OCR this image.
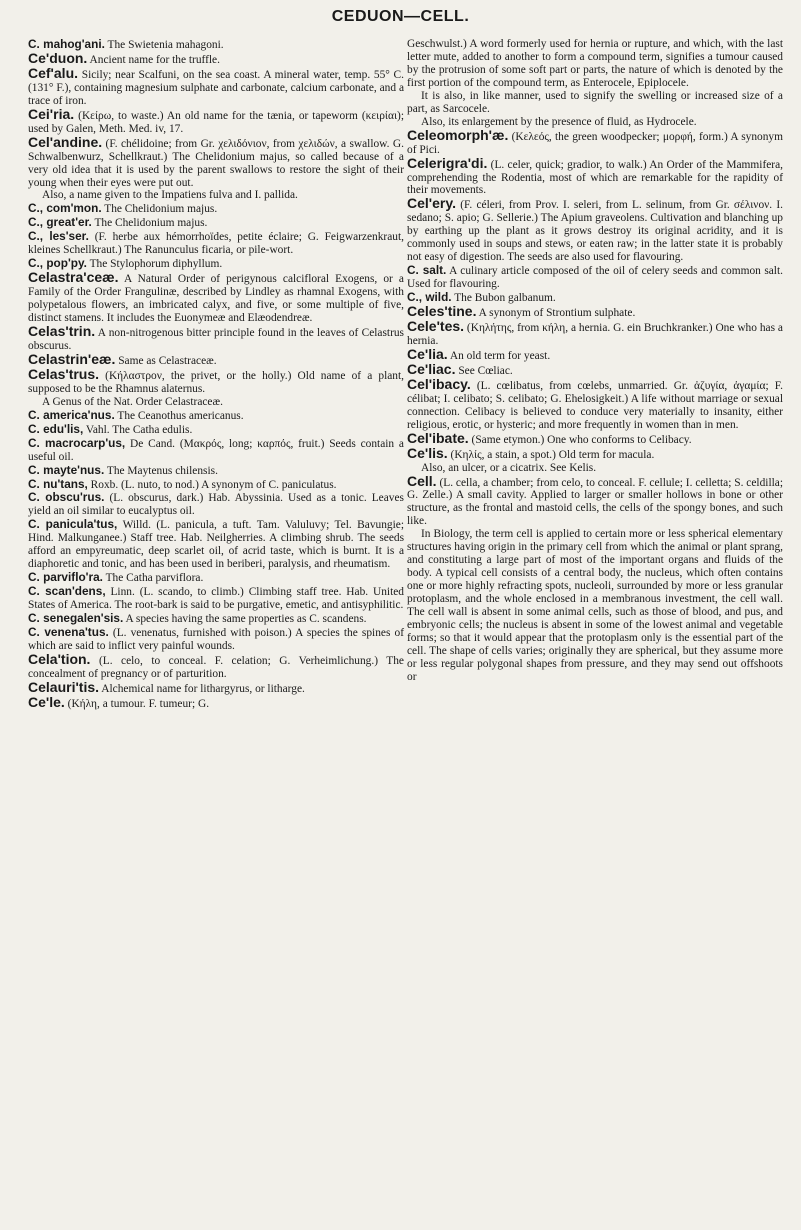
CEDUON—CELL.

C. mahog'ani. The Swietenia mahagoni.

Ce'duon. Ancient name for the truffle.

Cef'alu. Sicily; near Scalfuni, on the sea coast. A mineral water, temp. 55° C. (131° F.), containing magnesium sulphate and carbonate, calcium carbonate, and a trace of iron.

Cei'ria. (Κείρω, to waste.) An old name for the tænia, or tapeworm (κειρίαι); used by Galen, Meth. Med. iv, 17.

Cel'andine. (F. chélidoine; from Gr. χελιδόνιον, from χελιδών, a swallow. G. Schwalbenwurz, Schellkraut.) The Chelidonium majus, so called because of a very old idea that it is used by the parent swallows to restore the sight of their young when their eyes were put out.

Also, a name given to the Impatiens fulva and I. pallida.

C., com'mon. The Chelidonium majus.

C., great'er. The Chelidonium majus.

C., les'ser. (F. herbe aux hémorrhoïdes, petite éclaire; G. Feigwarzenkraut, kleines Schellkraut.) The Ranunculus ficaria, or pile-wort.

C., pop'py. The Stylophorum diphyllum.

Celastra'ceæ. A Natural Order of perigynous calcifloral Exogens, or a Family of the Order Frangulinæ, described by Lindley as rhamnal Exogens, with polypetalous flowers, an imbricated calyx, and five, or some multiple of five, distinct stamens. It includes the Euonymeæ and Elæodendreæ.

Celas'trin. A non-nitrogenous bitter principle found in the leaves of Celastrus obscurus.

Celastrin'eæ. Same as Celastraceæ.

Celas'trus. (Κήλαστρον, the privet, or the holly.) Old name of a plant, supposed to be the Rhamnus alaternus.

A Genus of the Nat. Order Celastraceæ.

C. america'nus. The Ceanothus americanus.

C. edu'lis, Vahl. The Catha edulis.

C. macrocarp'us, De Cand. (Μακρός, long; καρπός, fruit.) Seeds contain a useful oil.

C. mayte'nus. The Maytenus chilensis.

C. nu'tans, Roxb. (L. nuto, to nod.) A synonym of C. paniculatus.

C. obscu'rus. (L. obscurus, dark.) Hab. Abyssinia. Used as a tonic. Leaves yield an oil similar to eucalyptus oil.

C. panicula'tus, Willd. (L. panicula, a tuft. Tam. Valuluvy; Tel. Bavungie; Hind. Malkunganee.) Staff tree. Hab. Neilgherries. A climbing shrub. The seeds afford an empyreumatic, deep scarlet oil, of acrid taste, which is burnt. It is a diaphoretic and tonic, and has been used in beriberi, paralysis, and rheumatism.

C. parviflo'ra. The Catha parviflora.

C. scan'dens, Linn. (L. scando, to climb.) Climbing staff tree. Hab. United States of America. The root-bark is said to be purgative, emetic, and antisyphilitic.

C. senegalen'sis. A species having the same properties as C. scandens.

C. venena'tus. (L. venenatus, furnished with poison.) A species the spines of which are said to inflict very painful wounds.

Cela'tion. (L. celo, to conceal. F. celation; G. Verheimlichung.) The concealment of pregnancy or of parturition.

Celauri'tis. Alchemical name for lithargyrus, or litharge.

Ce'le. (Κήλη, a tumour. F. tumeur; G.

Geschwulst.) A word formerly used for hernia or rupture, and which, with the last letter mute, added to another to form a compound term, signifies a tumour caused by the protrusion of some soft part or parts, the nature of which is denoted by the first portion of the compound term, as Enterocele, Epiplocele.

It is also, in like manner, used to signify the swelling or increased size of a part, as Sarcocele.

Also, its enlargement by the presence of fluid, as Hydrocele.

Celeomorph'æ. (Κελεός, the green woodpecker; μορφή, form.) A synonym of Pici.

Celerigra'di. (L. celer, quick; gradior, to walk.) An Order of the Mammifera, comprehending the Rodentia, most of which are remarkable for the rapidity of their movements.

Cel'ery. (F. céleri, from Prov. I. seleri, from L. selinum, from Gr. σέλινον. I. sedano; S. apio; G. Sellerie.) The Apium graveolens. Cultivation and blanching up by earthing up the plant as it grows destroy its original acridity, and it is commonly used in soups and stews, or eaten raw; in the latter state it is probably not easy of digestion. The seeds are also used for flavouring.

C. salt. A culinary article composed of the oil of celery seeds and common salt. Used for flavouring.

C., wild. The Bubon galbanum.

Celes'tine. A synonym of Strontium sulphate.

Cele'tes. (Κηλήτης, from κήλη, a hernia. G. ein Bruchkranker.) One who has a hernia.

Ce'lia. An old term for yeast.

Ce'liac. See Cœliac.

Cel'ibacy. (L. cœlibatus, from cœlebs, unmarried. Gr. ἀζυγία, ἀγαμία; F. célibat; I. celibato; S. celibato; G. Ehelosigkeit.) A life without marriage or sexual connection. Celibacy is believed to conduce very materially to insanity, either religious, erotic, or hysteric; and more frequently in women than in men.

Cel'ibate. (Same etymon.) One who conforms to Celibacy.

Ce'lis. (Κηλίς, a stain, a spot.) Old term for macula.

Also, an ulcer, or a cicatrix. See Kelis.

Cell. (L. cella, a chamber; from celo, to conceal. F. cellule; I. celletta; S. celdilla; G. Zelle.) A small cavity. Applied to larger or smaller hollows in bone or other structure, as the frontal and mastoid cells, the cells of the spongy bones, and such like.

In Biology, the term cell is applied to certain more or less spherical elementary structures having origin in the primary cell from which the animal or plant sprang, and constituting a large part of most of the important organs and fluids of the body. A typical cell consists of a central body, the nucleus, which often contains one or more highly refracting spots, nucleoli, surrounded by more or less granular protoplasm, and the whole enclosed in a membranous investment, the cell wall. The cell wall is absent in some animal cells, such as those of blood, and pus, and embryonic cells; the nucleus is absent in some of the lowest animal and vegetable forms; so that it would appear that the protoplasm only is the essential part of the cell. The shape of cells varies; originally they are spherical, but they assume more or less regular polygonal shapes from pressure, and they may send out offshoots or
